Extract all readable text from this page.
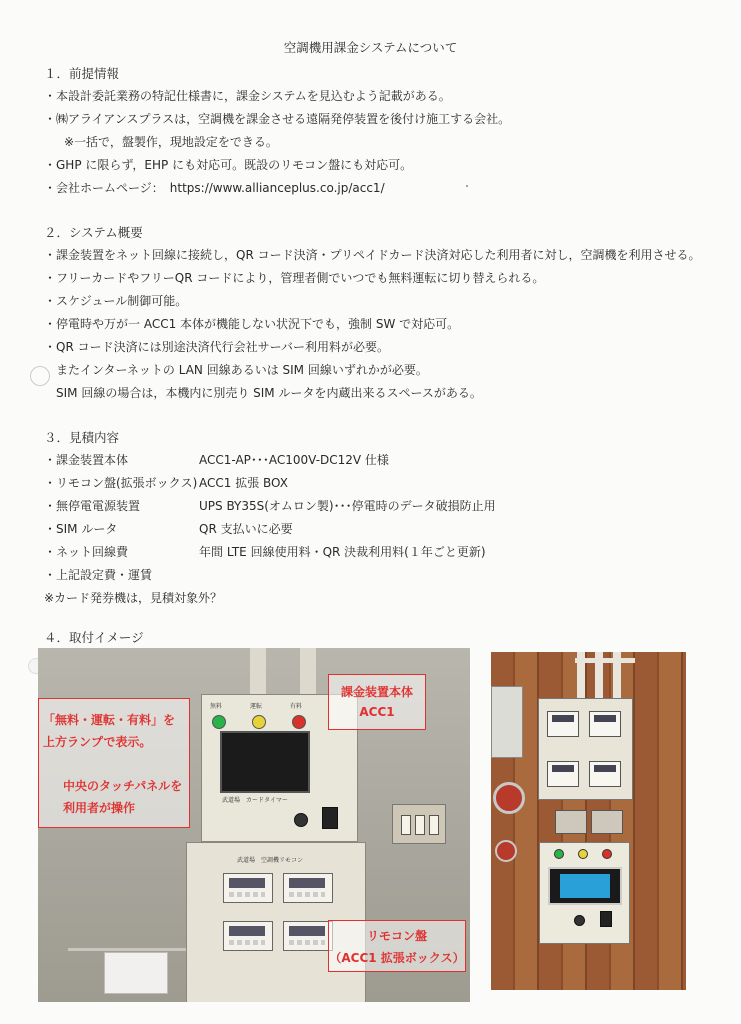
空調機用課金システムについて
１．前提情報
・本設計委託業務の特記仕様書に，課金システムを見込むよう記載がある。
・㈱アライアンスプラスは，空調機を課金させる遠隔発停装置を後付け施工する会社。
※一括で，盤製作，現地設定をできる。
・GHP に限らず，EHP にも対応可。既設のリモコン盤にも対応可。
・会社ホームページ：　https://www.allianceplus.co.jp/acc1/
２．システム概要
・課金装置をネット回線に接続し，QR コード決済・プリペイドカード決済対応した利用者に対し，空調機を利用させる。
・フリーカードやフリーQR コードにより，管理者側でいつでも無料運転に切り替えられる。
・スケジュール制御可能。
・停電時や万が一 ACC1 本体が機能しない状況下でも，強制 SW で対応可。
・QR コード決済には別途決済代行会社サーバー利用料が必要。
またインターネットの LAN 回線あるいは SIM 回線いずれかが必要。
SIM 回線の場合は，本機内に別売り SIM ルータを内蔵出来るスペースがある。
３．見積内容
・課金装置本体	ACC1-AP･･･AC100V-DC12V 仕様
・リモコン盤(拡張ボックス) ACC1 拡張 BOX
・無停電電源装置	UPS BY35S(オムロン製)･･･停電時のデータ破損防止用
・SIM ルータ	QR 支払いに必要
・ネット回線費	年間 LTE 回線使用料・QR 決裁利用料(１年ごと更新)
・上記設定費・運賃
※カード発券機は，見積対象外？
４．取付イメージ
無料	運転	有料
武道場　カードタイマー
武道場　空調機リモコン
「無料・運転・有料」を
上方ランプで表示。
中央のタッチパネルを
利用者が操作
課金装置本体
ACC1
リモコン盤
（ACC1 拡張ボックス）
